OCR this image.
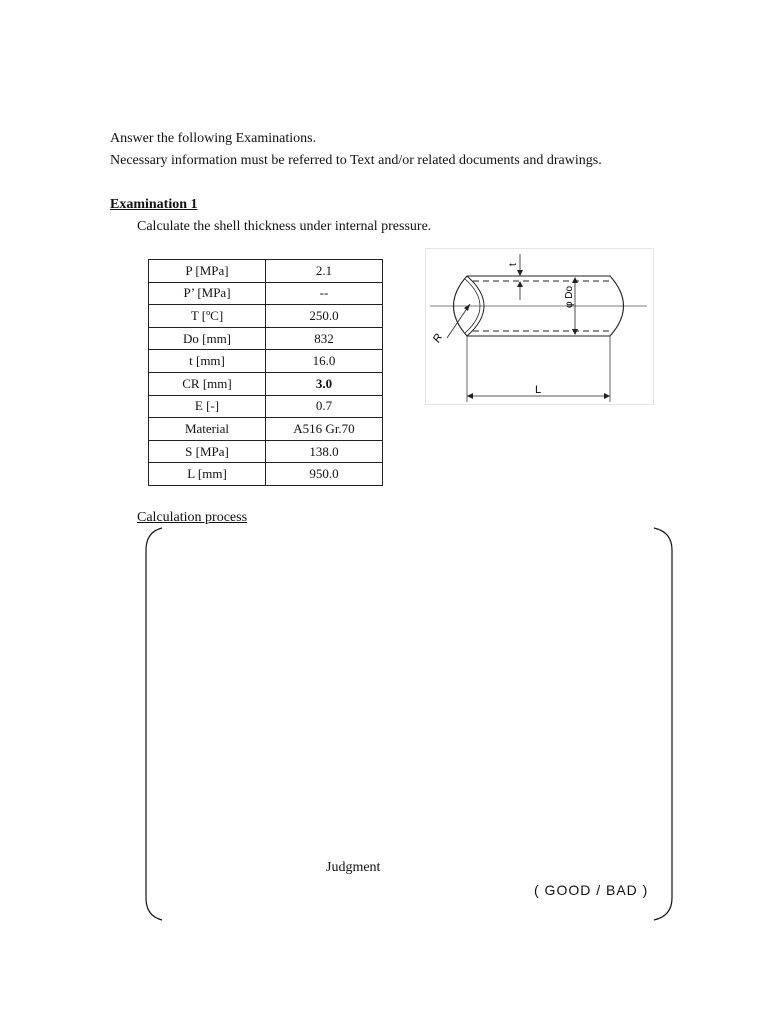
Answer the following Examinations.
Necessary information must be referred to Text and/or related documents and drawings.
Examination 1
Calculate the shell thickness under internal pressure.
P [MPa]	2.1
P’ [MPa]	--
T [ºC]	250.0
Do [mm]	832
t [mm]	16.0
CR [mm]	3.0
E [-]	0.7
Material	A516 Gr.70
S [MPa]	138.0
L [mm]	950.0
R
t
φ Do
L
Calculation process
Judgment
( GOOD / BAD )
